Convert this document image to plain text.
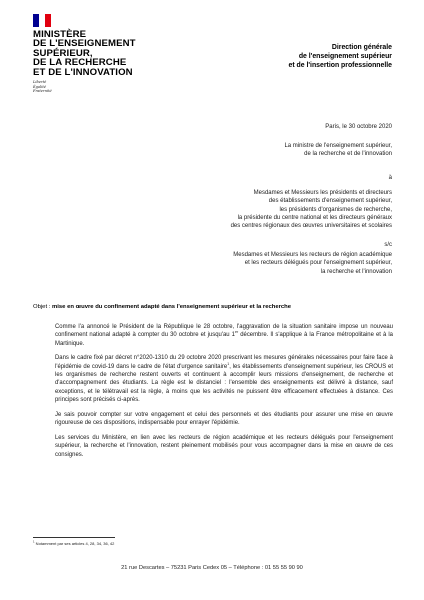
MINISTÈRE
DE L'ENSEIGNEMENT
SUPÉRIEUR,
DE LA RECHERCHE
ET DE L'INNOVATION
Liberté
Égalité
Fraternité
Direction générale
de l'enseignement supérieur
et de l'insertion professionnelle
Paris, le 30 octobre 2020
La ministre de l'enseignement supérieur,
de la recherche et de l'innovation
à
Mesdames et Messieurs les présidents et directeurs
des établissements d'enseignement supérieur,
les présidents d'organismes de recherche,
la présidente du centre national et les directeurs généraux
des centres régionaux des œuvres universitaires et scolaires
s/c
Mesdames et Messieurs les recteurs de région académique
et les recteurs délégués pour l'enseignement supérieur,
la recherche et l'innovation
Objet : mise en œuvre du confinement adapté dans l'enseignement supérieur et la recherche

Comme l'a annoncé le Président de la République le 28 octobre, l'aggravation de la situation sanitaire impose un nouveau confinement national adapté à compter du 30 octobre et jusqu'au 1er décembre. Il s'applique à la France métropolitaine et à la Martinique.

Dans le cadre fixé par décret n°2020-1310 du 29 octobre 2020 prescrivant les mesures générales nécessaires pour faire face à l'épidémie de covid-19 dans le cadre de l'état d'urgence sanitaire$^1$, les établissements d'enseignement supérieur, les CROUS et les organismes de recherche restent ouverts et continuent à accomplir leurs missions d'enseignement, de recherche et d'accompagnement des étudiants. La règle est le distanciel : l'ensemble des enseignements est délivré à distance, sauf exceptions, et le télétravail est la règle, à moins que les activités ne puissent être efficacement effectuées à distance. Ces principes sont précisés ci-après.

Je sais pouvoir compter sur votre engagement et celui des personnels et des étudiants pour assurer une mise en œuvre rigoureuse de ces dispositions, indispensable pour enrayer l'épidémie.

Les services du Ministère, en lien avec les recteurs de région académique et les recteurs délégués pour l'enseignement supérieur, la recherche et l'innovation, restent pleinement mobilisés pour vous accompagner dans la mise en œuvre de ces consignes.

$^1$ Notamment par ses articles 4, 28, 34, 36, 42
21 rue Descartes – 75231 Paris Cedex 05 – Téléphone : 01 55 55 90 90
